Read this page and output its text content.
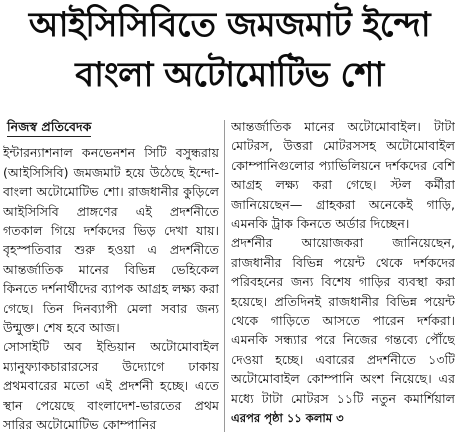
আইসিসিবিতে জমজমাট ইন্দো
বাংলা অটোমোটিভ শো
নিজস্ব প্রতিবেদক

ইন্টারন্যাশনাল কনভেনশন সিটি বসুন্ধরায় (আইসিসিবি) জমজমাট হয়ে উঠেছে ইন্দো-বাংলা অটোমোটিভ শো। রাজধানীর কুড়িলে আইসিসিবি প্রাঙ্গণের এই প্রদর্শনীতে গতকাল গিয়ে দর্শকদের ভিড় দেখা যায়। বৃহস্পতিবার শুরু হওয়া এ প্রদর্শনীতে আন্তর্জাতিক মানের বিভিন্ন ভেহিকেল কিনতে দর্শনার্থীদের ব্যাপক আগ্রহ লক্ষ্য করা গেছে। তিন দিনব্যাপী মেলা সবার জন্য উন্মুক্ত। শেষ হবে আজ।

সোসাইটি অব ইন্ডিয়ান অটোমোবাইল ম্যানুফ্যাকচারারসের উদ্যোগে ঢাকায় প্রথমবারের মতো এই প্রদর্শনী হচ্ছে। এতে স্থান পেয়েছে বাংলাদেশ-ভারতের প্রথম সারির অটোমোটিভ কোম্পানির

আন্তর্জাতিক মানের অটোমোবাইল। টাটা মোটরস, উত্তরা মোটরসসহ অটোমোবাইল কোম্পানিগুলোর প্যাভিলিয়নে দর্শকদের বেশি আগ্রহ লক্ষ্য করা গেছে। স্টল কর্মীরা জানিয়েছেন— গ্রাহকরা অনেকেই গাড়ি, এমনকি ট্রাক কিনতে অর্ডার দিচ্ছেন।

প্রদর্শনীর আয়োজকরা জানিয়েছেন, রাজধানীর বিভিন্ন পয়েন্ট থেকে দর্শকদের পরিবহনের জন্য বিশেষ গাড়ির ব্যবস্থা করা হয়েছে। প্রতিদিনই রাজধানীর বিভিন্ন পয়েন্ট থেকে গাড়িতে আসতে পারেন দর্শকরা। এমনকি সন্ধ্যার পরে নিজের গন্তব্যে পৌঁছে দেওয়া হচ্ছে। এবারের প্রদর্শনীতে ১৩টি অটোমোবাইল কোম্পানি অংশ নিয়েছে। এর মধ্যে টাটা মোটরস ১১টি নতুন কমার্শিয়াল এরপর পৃষ্ঠা ১১ কলাম ৩
